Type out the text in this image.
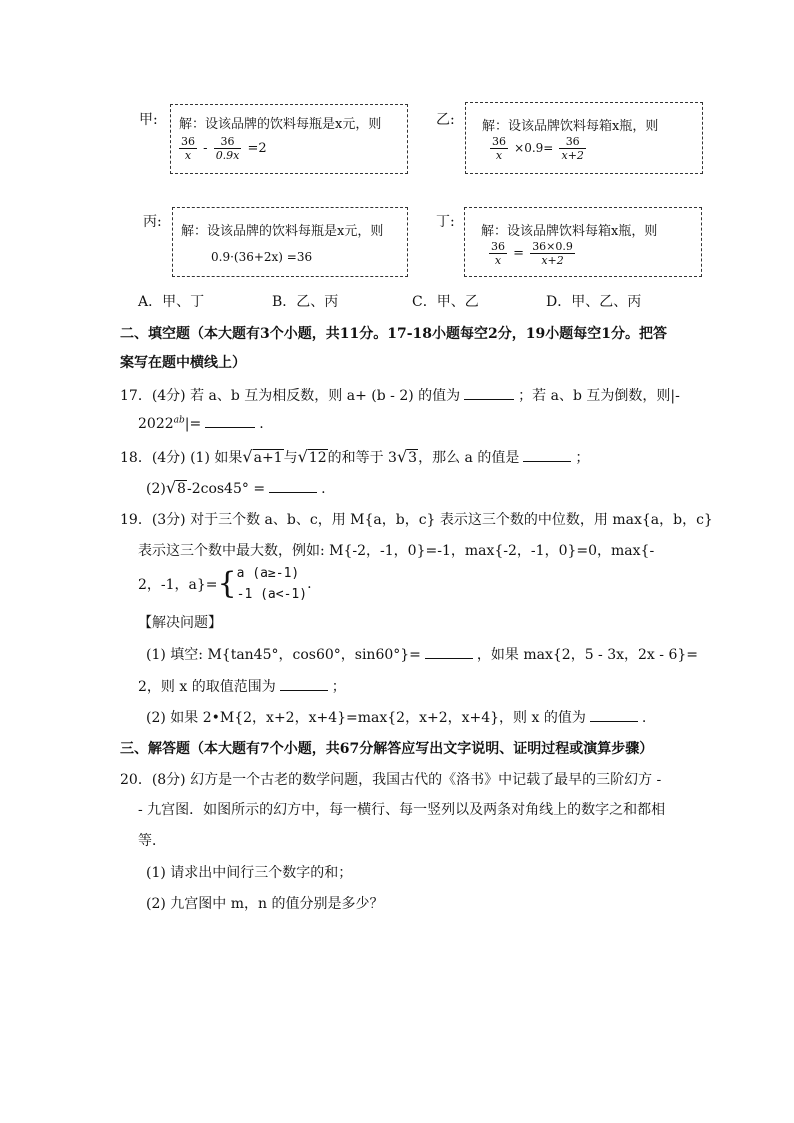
甲: 解：设该品牌的饮料每瓶是x元，则
$\frac{36}{x} - \frac{36}{0.9x} =2$
乙: 解：设该品牌饮料每箱x瓶，则
$\frac{36}{x} \times 0.9= \frac{36}{x+2}$
丙:
解：设该品牌的饮料每瓶是x元，则
0.9·(36+2x) =36
丁:
解：设该品牌饮料每箱x瓶，则
$\frac{36}{x} = \frac{36\times 0.9}{x+2}$
A．甲、丁	B．乙、丙	C．甲、乙	D．甲、乙、丙
二、填空题（本大题有3个小题，共11分。17-18小题每空2分，19小题每空1分。把答
案写在题中横线上）
17．(4分) 若 a、b 互为相反数，则 a+ (b - 2) 的值为	；若 a、b 互为倒数，则|-
$2022^{ab}|=$	.
18．(4分) (1) 如果√a+1与√12的和等于 3√3，那么 a 的值是	；
(2)√8-2cos45° =	.
19．(3分) 对于三个数 a、b、c，用 M{a，b，c} 表示这三个数的中位数，用 max{a，b，c}
表示这三个数中最大数，例如: M{-2，-1，0}=-1，max{-2，-1，0}=0，max{-
2，-1，a}={ a (a≥-1)
-1 (a<-1)
.
【解决问题】
(1) 填空: M{tan45°，cos60°，sin60°}=	，如果 max{2，5 - 3x，2x - 6}=
2，则 x 的取值范围为	；
(2) 如果 2•M{2，x+2，x+4}=max{2，x+2，x+4}，则 x 的值为	.
三、解答题（本大题有7个小题，共67分解答应写出文字说明、证明过程或演算步骤）
20．(8分) 幻方是一个古老的数学问题，我国古代的《洛书》中记载了最早的三阶幻方 -
- 九宫图．如图所示的幻方中，每一横行、每一竖列以及两条对角线上的数字之和都相
等．
(1) 请求出中间行三个数字的和；
(2) 九宫图中 m，n 的值分别是多少？
